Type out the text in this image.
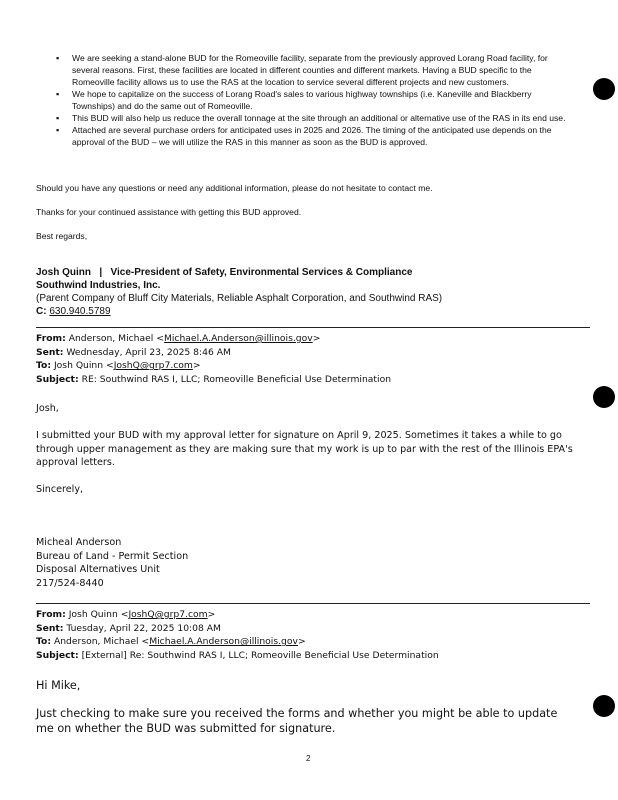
▪ We are seeking a stand-alone BUD for the Romeoville facility, separate from the previously approved Lorang Road facility, for several reasons. First, these facilities are located in different counties and different markets. Having a BUD specific to the Romeoville facility allows us to use the RAS at the location to service several different projects and new customers.
▪ We hope to capitalize on the success of Lorang Road's sales to various highway townships (i.e. Kaneville and Blackberry Townships) and do the same out of Romeoville.
▪ This BUD will also help us reduce the overall tonnage at the site through an additional or alternative use of the RAS in its end use.
▪ Attached are several purchase orders for anticipated uses in 2025 and 2026. The timing of the anticipated use depends on the approval of the BUD – we will utilize the RAS in this manner as soon as the BUD is approved.
Should you have any questions or need any additional information, please do not hesitate to contact me.
Thanks for your continued assistance with getting this BUD approved.
Best regards,
Josh Quinn | Vice-President of Safety, Environmental Services & Compliance
Southwind Industries, Inc.
(Parent Company of Bluff City Materials, Reliable Asphalt Corporation, and Southwind RAS)
C: 630.940.5789
From: Anderson, Michael <Michael.A.Anderson@illinois.gov>
Sent: Wednesday, April 23, 2025 8:46 AM
To: Josh Quinn <JoshQ@grp7.com>
Subject: RE: Southwind RAS I, LLC; Romeoville Beneficial Use Determination
Josh,
I submitted your BUD with my approval letter for signature on April 9, 2025. Sometimes it takes a while to go through upper management as they are making sure that my work is up to par with the rest of the Illinois EPA's approval letters.
Sincerely,
Micheal Anderson
Bureau of Land - Permit Section
Disposal Alternatives Unit
217/524-8440
From: Josh Quinn <JoshQ@grp7.com>
Sent: Tuesday, April 22, 2025 10:08 AM
To: Anderson, Michael <Michael.A.Anderson@illinois.gov>
Subject: [External] Re: Southwind RAS I, LLC; Romeoville Beneficial Use Determination
Hi Mike,
Just checking to make sure you received the forms and whether you might be able to update me on whether the BUD was submitted for signature.
2
